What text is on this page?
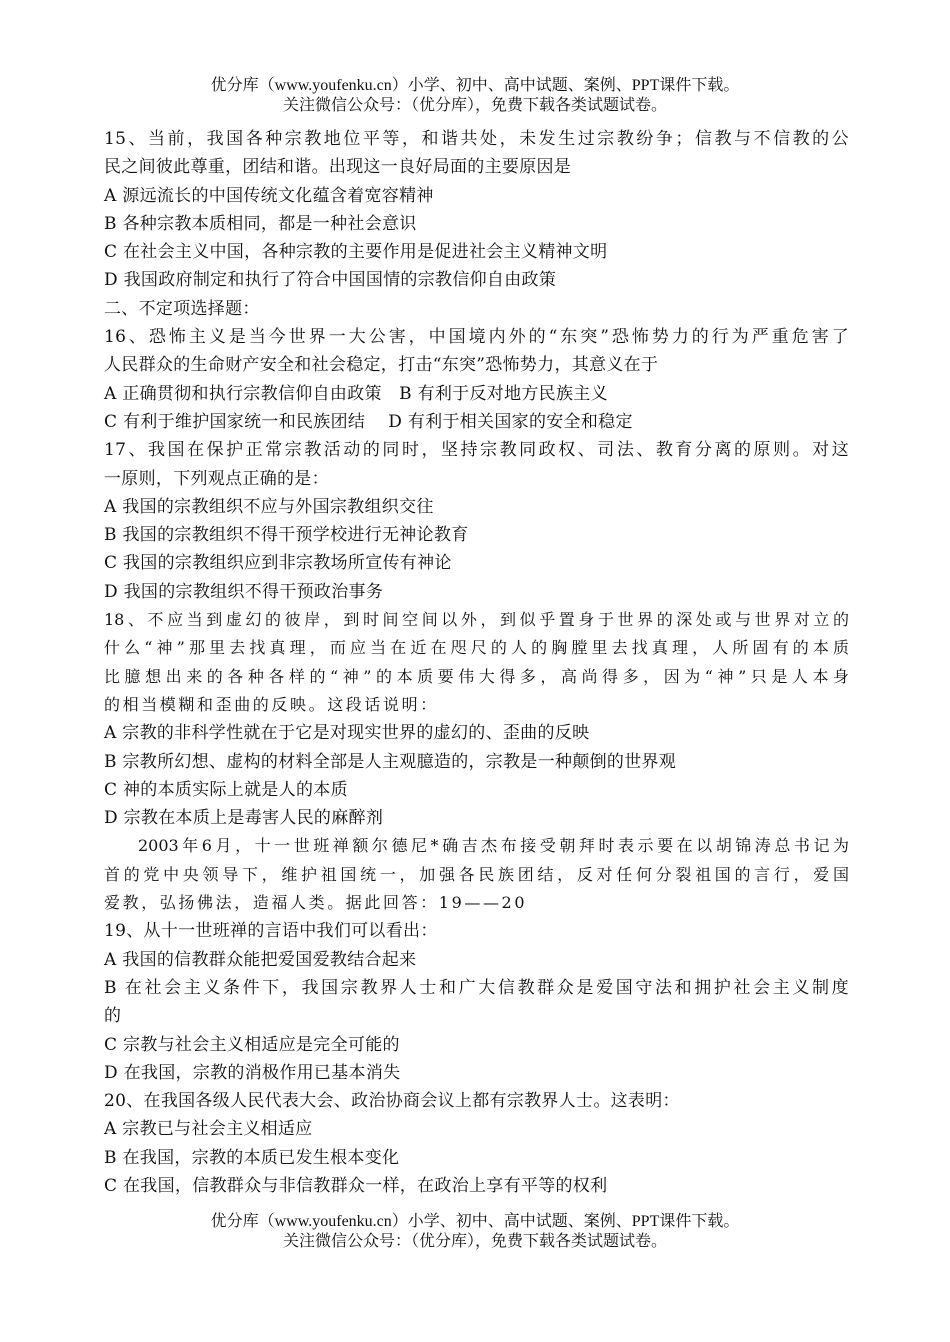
优分库（www.youfenku.cn）小学、初中、高中试题、案例、PPT课件下载。
关注微信公众号：（优分库），免费下载各类试题试卷。
15、当前，我国各种宗教地位平等，和谐共处，未发生过宗教纷争；信教与不信教的公
民之间彼此尊重，团结和谐。出现这一良好局面的主要原因是
A 源远流长的中国传统文化蕴含着宽容精神
B 各种宗教本质相同，都是一种社会意识
C 在社会主义中国，各种宗教的主要作用是促进社会主义精神文明
D 我国政府制定和执行了符合中国国情的宗教信仰自由政策
二、不定项选择题：
16、恐怖主义是当今世界一大公害，中国境内外的“东突”恐怖势力的行为严重危害了
人民群众的生命财产安全和社会稳定，打击“东突”恐怖势力，其意义在于
A 正确贯彻和执行宗教信仰自由政策　B 有利于反对地方民族主义
C 有利于维护国家统一和民族团结　 D 有利于相关国家的安全和稳定
17、我国在保护正常宗教活动的同时，坚持宗教同政权、司法、教育分离的原则。对这
一原则，下列观点正确的是：
A 我国的宗教组织不应与外国宗教组织交往
B 我国的宗教组织不得干预学校进行无神论教育
C 我国的宗教组织应到非宗教场所宣传有神论
D 我国的宗教组织不得干预政治事务
18、不应当到虚幻的彼岸，到时间空间以外，到似乎置身于世界的深处或与世界对立的
什么“神”那里去找真理，而应当在近在咫尺的人的胸膛里去找真理，人所固有的本质
比臆想出来的各种各样的“神”的本质要伟大得多，高尚得多，因为“神”只是人本身
的相当模糊和歪曲的反映。这段话说明：
A 宗教的非科学性就在于它是对现实世界的虚幻的、歪曲的反映
B 宗教所幻想、虚构的材料全部是人主观臆造的，宗教是一种颠倒的世界观
C 神的本质实际上就是人的本质
D 宗教在本质上是毒害人民的麻醉剂
2003年6月，十一世班禅额尔德尼*确吉杰布接受朝拜时表示要在以胡锦涛总书记为
首的党中央领导下，维护祖国统一，加强各民族团结，反对任何分裂祖国的言行，爱国
爱教，弘扬佛法，造福人类。据此回答：19——20
19、从十一世班禅的言语中我们可以看出：
A 我国的信教群众能把爱国爱教结合起来
B 在社会主义条件下，我国宗教界人士和广大信教群众是爱国守法和拥护社会主义制度
的
C 宗教与社会主义相适应是完全可能的
D 在我国，宗教的消极作用已基本消失
20、在我国各级人民代表大会、政治协商会议上都有宗教界人士。这表明：
A 宗教已与社会主义相适应
B 在我国，宗教的本质已发生根本变化
C 在我国，信教群众与非信教群众一样，在政治上享有平等的权利
优分库（www.youfenku.cn）小学、初中、高中试题、案例、PPT课件下载。
关注微信公众号：（优分库），免费下载各类试题试卷。
